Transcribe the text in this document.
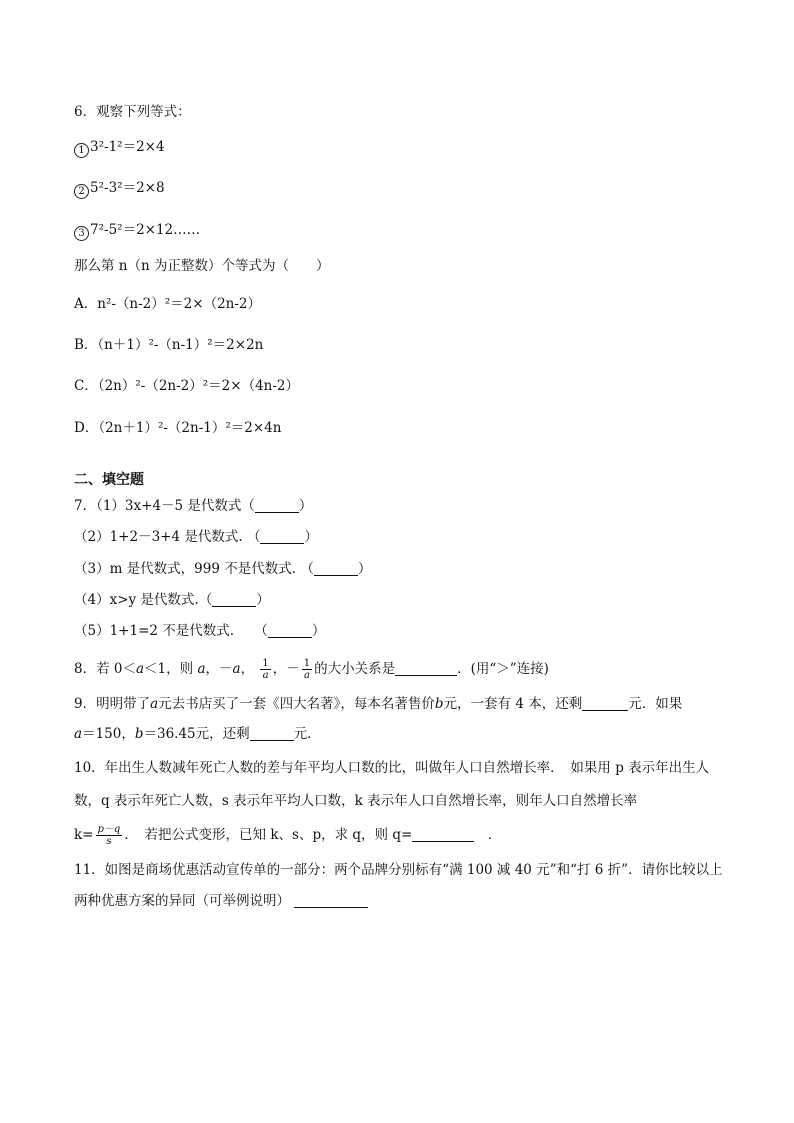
6．观察下列等式：
1 3²-1²＝2×4
2 5²-3²＝2×8
3 7²-5²＝2×12……
那么第 n（n 为正整数）个等式为（　　）
A．n²-（n-2）²＝2×（2n-2）
B．（n＋1）²-（n-1）²＝2×2n
C．（2n）²-（2n-2）²＝2×（4n-2）
D．（2n＋1）²-（2n-1）²＝2×4n
二、填空题
7．（1）3x+4－5 是代数式（	）
（2）1+2－3+4 是代数式. （	）
（3）m 是代数式，999 不是代数式. （	）
（4）x>y 是代数式.（	）
（5）1+1=2 不是代数式.　　（	）
8．若 0＜a＜1，则 a，－a， $\frac{1}{a}$ ，－ $\frac{1}{a}$ 的大小关系是	．(用“＞”连接)
9．明明带了a元去书店买了一套《四大名著》，每本名著售价b元，一套有 4 本，还剩	元．如果
a＝150，b＝36.45元，还剩	元．
10．年出生人数减年死亡人数的差与年平均人口数的比，叫做年人口自然增长率．　如果用 p 表示年出生人
数，q 表示年死亡人数，s 表示年平均人口数，k 表示年人口自然增长率，则年人口自然增长率
$k= \frac{p-q}{s}$ ．　若把公式变形，已知 k、s、p，求 q，则 q=　	．
11．如图是商场优惠活动宣传单的一部分：两个品牌分别标有“满 100 减 40 元”和“打 6 折”．请你比较以上
两种优惠方案的异同（可举例说明）
